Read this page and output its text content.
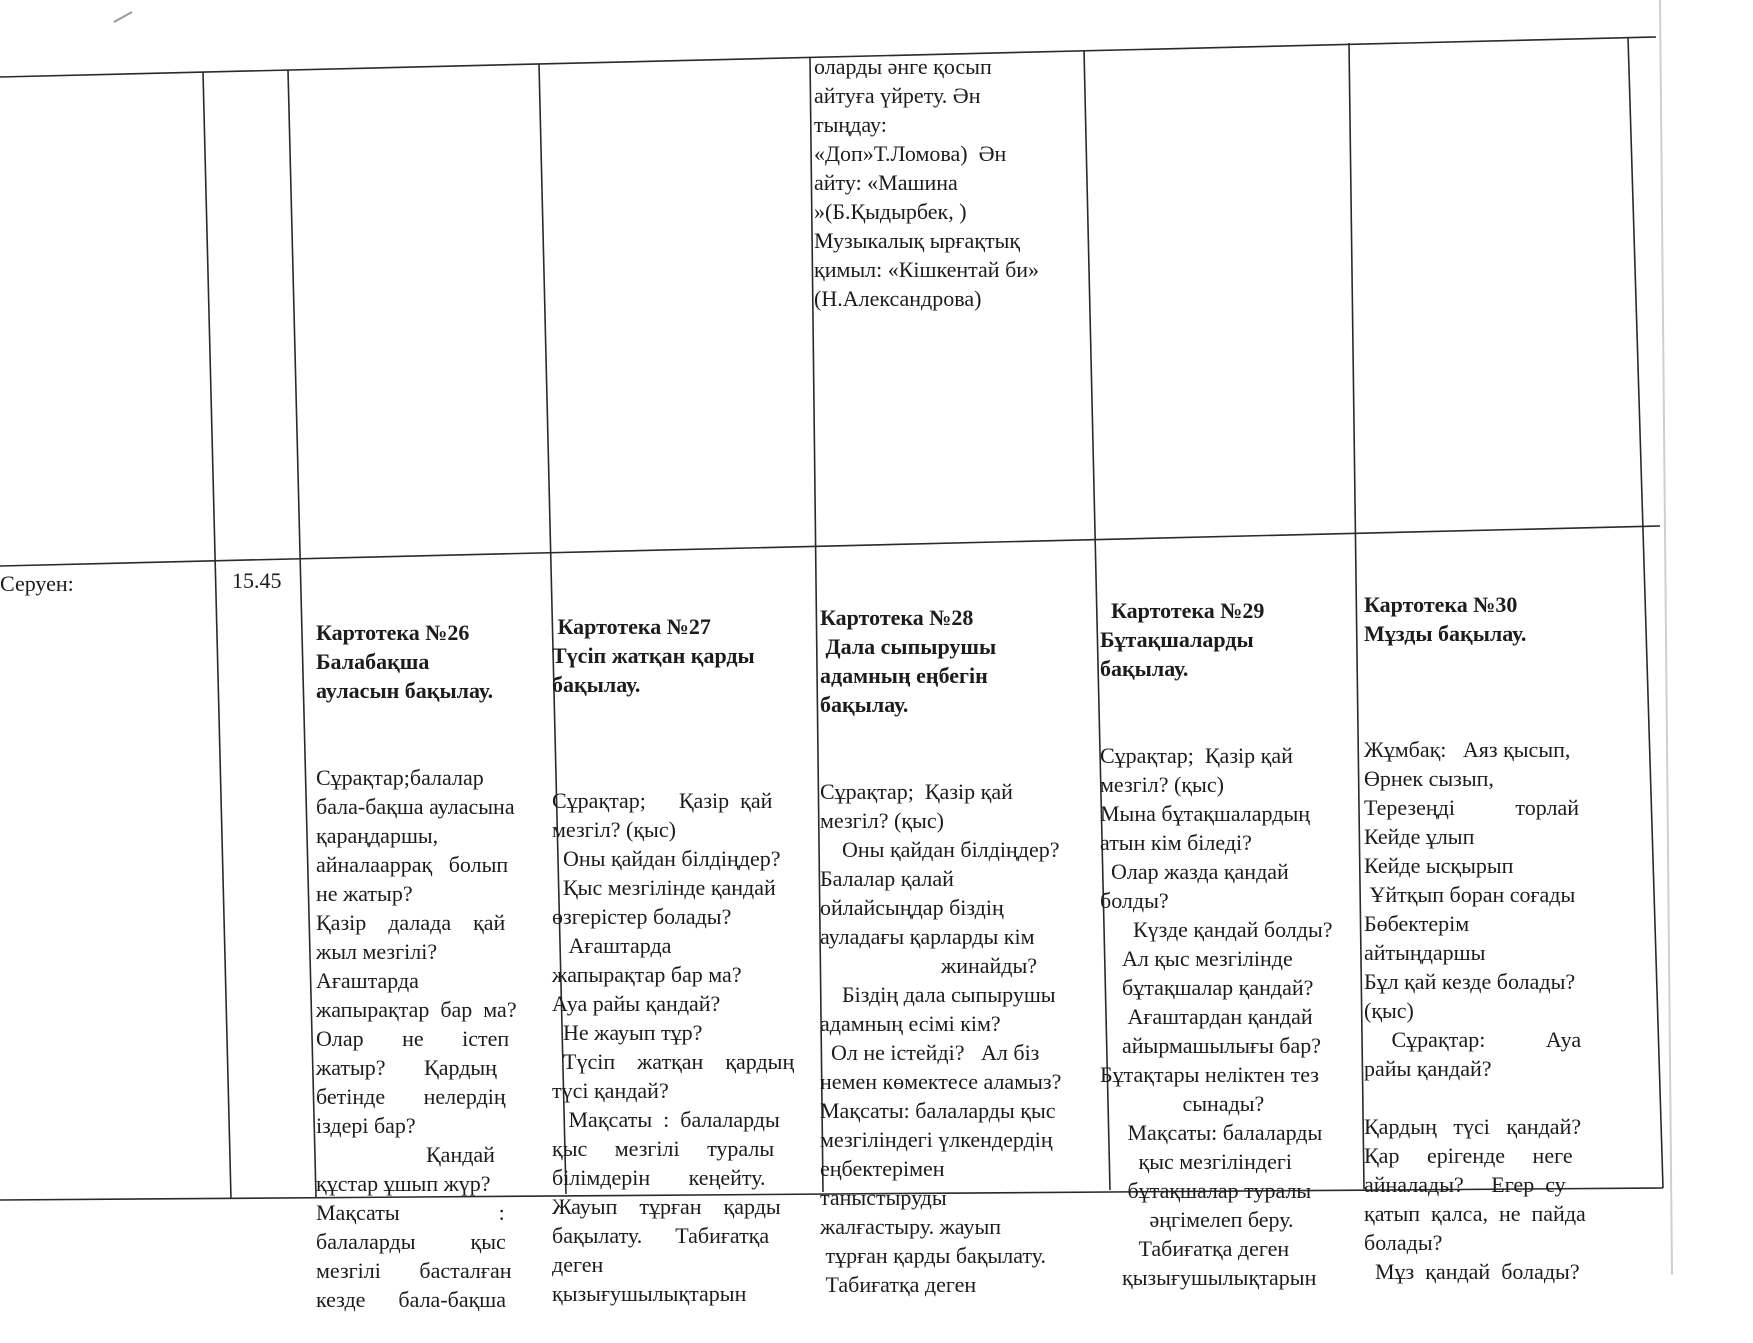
оларды әнге қосып
айтуға үйрету. Ән
тыңдау:
«Доп»Т.Ломова)  Ән
айту: «Машина
»(Б.Қыдырбек, )
Музыкалық ырғақтық
қимыл: «Кішкентай би»
(Н.Александрова)
Серуен:	15.45

Картотека №26
Балабақша
ауласын бақылау.

Сұрақтар;балалар
бала-бақша ауласына
қараңдаршы,
айналаappaқ   болып
не жатыр?
Қазір    далада    қай
жыл мезгілі?
Ағаштарда
жапырақтар  бар  ма?
Олар       не       істеп
жатыр?       Қардың
бетінде       нелердің
іздері бар?
Қандай
құстар ұшып жүр?
Мақсаты                  :
балаларды          қыс
мезгілі       басталған
кезде      бала-бақша

Картотека №27
Түсіп жатқан қарды
бақылау.

Сұрақтар;      Қазір  қай
мезгіл? (қыс)
Оны қайдан білдіңдер?
Қыс мезгілінде қандай
өзгерістер болады?
Ағаштарда
жапырақтар бар ма?
Ауа райы қандай?
Не жауып тұр?
Түсіп    жатқан    қардың
түсі қандай?
Мақсаты  :  балаларды
қыс     мезгілі     туралы
білімдерін       кеңейту.
Жауып    тұрған    қарды
бақылату.      Табиғатқа
деген
қызығушылықтарын

Картотека №28
Дала сыпырушы
адамның еңбегін
бақылау.

Сұрақтар;  Қазір қай
мезгіл? (қыс)
Оны қайдан білдіңдер?
Балалар қалай
ойлайсыңдар біздің
ауладағы қарларды кім
жинайды?
Біздің дала сыпырушы
адамның есімі кім?
Ол не істейді?   Ал біз
немен көмектесе аламыз?
Мақсаты: балаларды қыс
мезгіліндегі үлкендердің
еңбектерімен
таныстыруды
жалғастыру. жауып
тұрған қарды бақылату.
Табиғатқа деген

Картотека №29
Бұтақшаларды
бақылау.

Сұрақтар;  Қазір қай
мезгіл? (қыс)
Мына бұтақшалардың
атын кім біледі?
Олар жазда қандай
болды?
Күзде қандай болды?
Ал қыс мезгілінде
бұтақшалар қандай?
Ағаштардан қандай
айырмашылығы бар?
Бұтақтары неліктен тез
сынады?
Мақсаты: балаларды
қыс мезгіліндегі
бұтақшалар туралы
әңгімелеп беру.
Табиғатқа деген
қызығушылықтарын

Картотека №30
Мұзды бақылау.

Жұмбақ:   Аяз қысып,
Өрнек сызып,
Терезеңді           торлай
Кейде ұлып
Кейде ысқырып
Ұйтқып боран соғады
Бөбектерім
айтыңдаршы
Бұл қай кезде болады?
(қыс)
Сұрақтар:           Ауа
райы қандай?

Қардың   түсі   қандай?
Қар     ерігенде     неге
айналады?     Егер  су
қатып  қалса,  не  пайда
болады?
Мұз  қандай  болады?
